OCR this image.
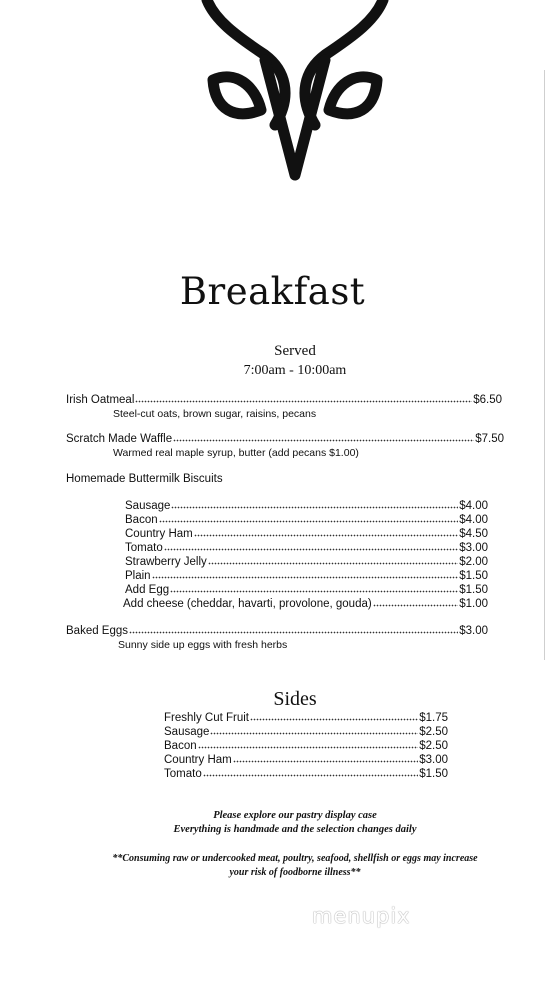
Breakfast
Served
7:00am - 10:00am
Irish Oatmeal	$6.50
Steel-cut oats, brown sugar, raisins, pecans
Scratch Made Waffle	$7.50
Warmed real maple syrup, butter (add pecans $1.00)
Homemade Buttermilk Biscuits
Sausage	$4.00
Bacon	$4.00
Country Ham	$4.50
Tomato	$3.00
Strawberry Jelly	$2.00
Plain	$1.50
Add Egg	$1.50
Add cheese (cheddar, havarti, provolone, gouda)	$1.00
Baked Eggs	$3.00
Sunny side up eggs with fresh herbs
Sides
Freshly Cut Fruit	$1.75
Sausage	$2.50
Bacon	$2.50
Country Ham	$3.00
Tomato	$1.50
Please explore our pastry display case
Everything is handmade and the selection changes daily
**Consuming raw or undercooked meat, poultry, seafood, shellfish or eggs may increase
your risk of foodborne illness**
menupix
